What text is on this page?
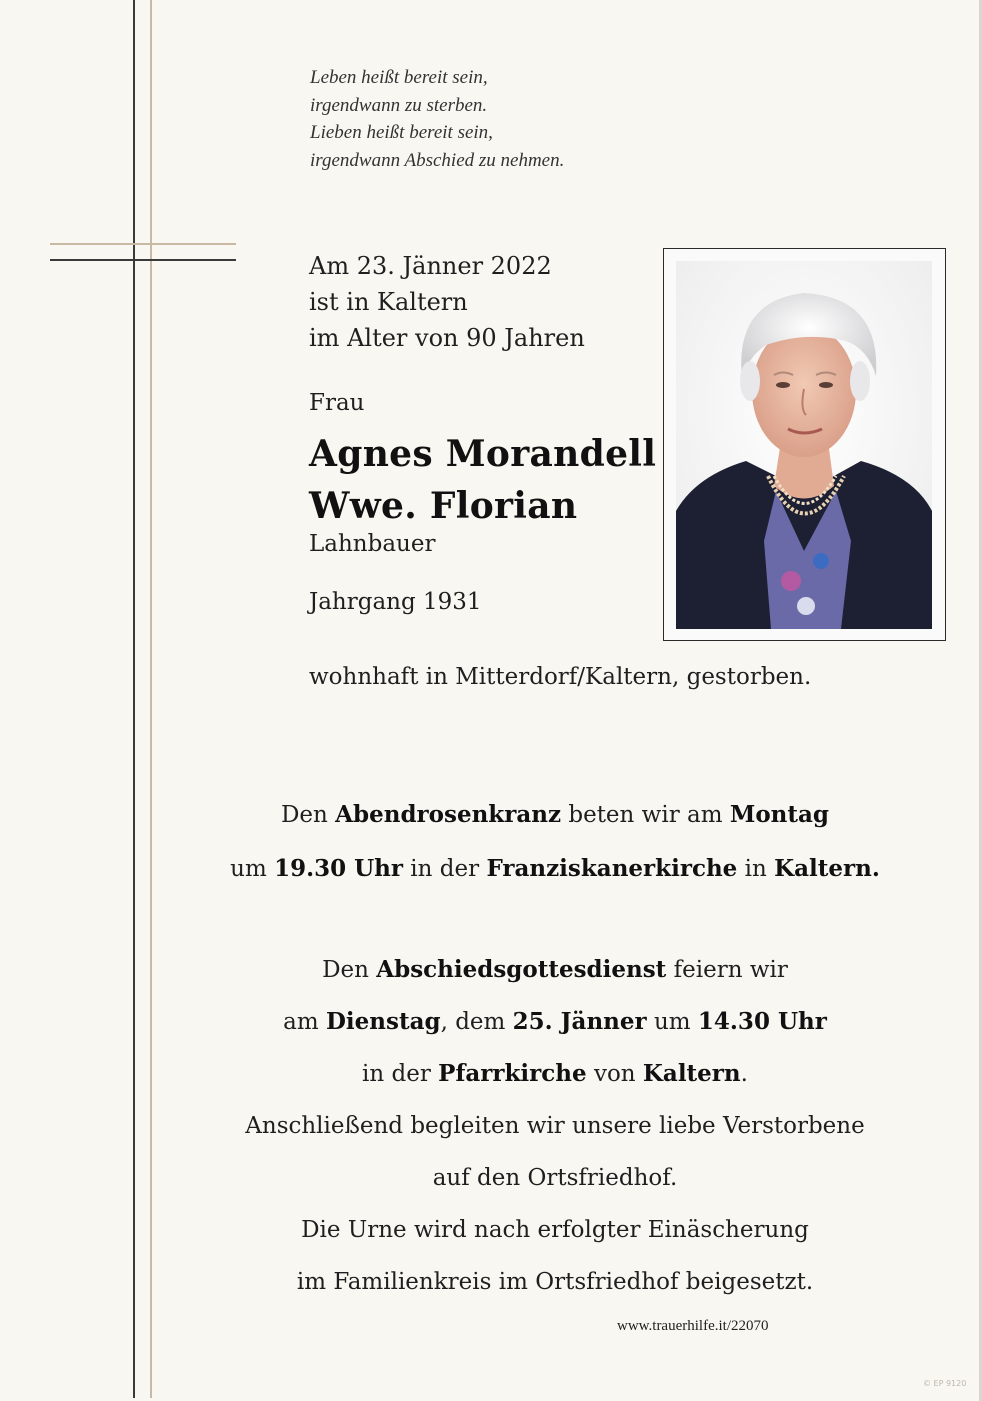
Leben heißt bereit sein,
irgendwann zu sterben.
Lieben heißt bereit sein,
irgendwann Abschied zu nehmen.
Am 23. Jänner 2022
ist in Kaltern
im Alter von 90 Jahren
Frau
Agnes Morandell
Wwe. Florian
Lahnbauer
Jahrgang 1931
wohnhaft in Mitterdorf/Kaltern, gestorben.
Den Abendrosenkranz beten wir am Montag
um 19.30 Uhr in der Franziskanerkirche in Kaltern.
Den Abschiedsgottesdienst feiern wir
am Dienstag, dem 25. Jänner um 14.30 Uhr
in der Pfarrkirche von Kaltern.
Anschließend begleiten wir unsere liebe Verstorbene
auf den Ortsfriedhof.
Die Urne wird nach erfolgter Einäscherung
im Familienkreis im Ortsfriedhof beigesetzt.
www.trauerhilfe.it/22070
© EP 9120
